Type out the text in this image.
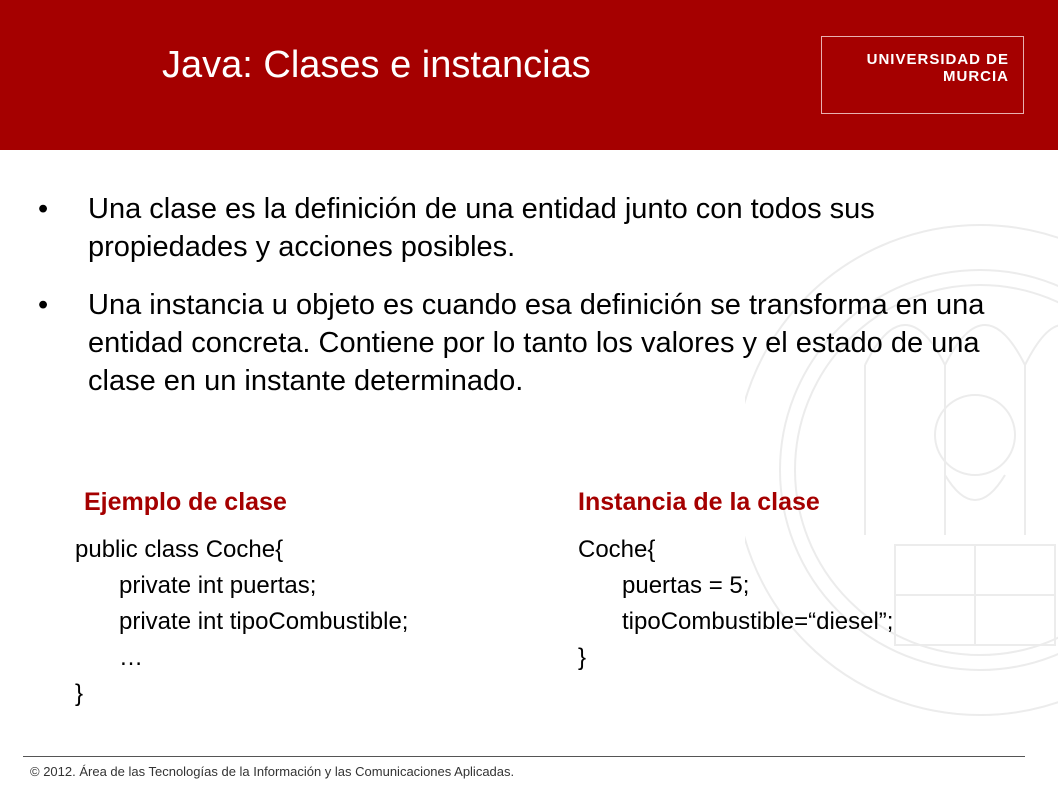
Java: Clases e instancias	UNIVERSIDAD DE
MURCIA
• Una clase es la definición de una entidad junto con todos sus propiedades y acciones posibles.
• Una instancia u objeto es cuando esa definición se transforma en una entidad concreta. Contiene por lo tanto los valores y el estado de una clase en un instante determinado.
Ejemplo de clase
public class Coche{
private int puertas;
private int tipoCombustible;
…
}
Instancia de la clase
Coche{
puertas = 5;
tipoCombustible=“diesel”;
}
© 2012. Área de las Tecnologías de la Información y las Comunicaciones Aplicadas.
